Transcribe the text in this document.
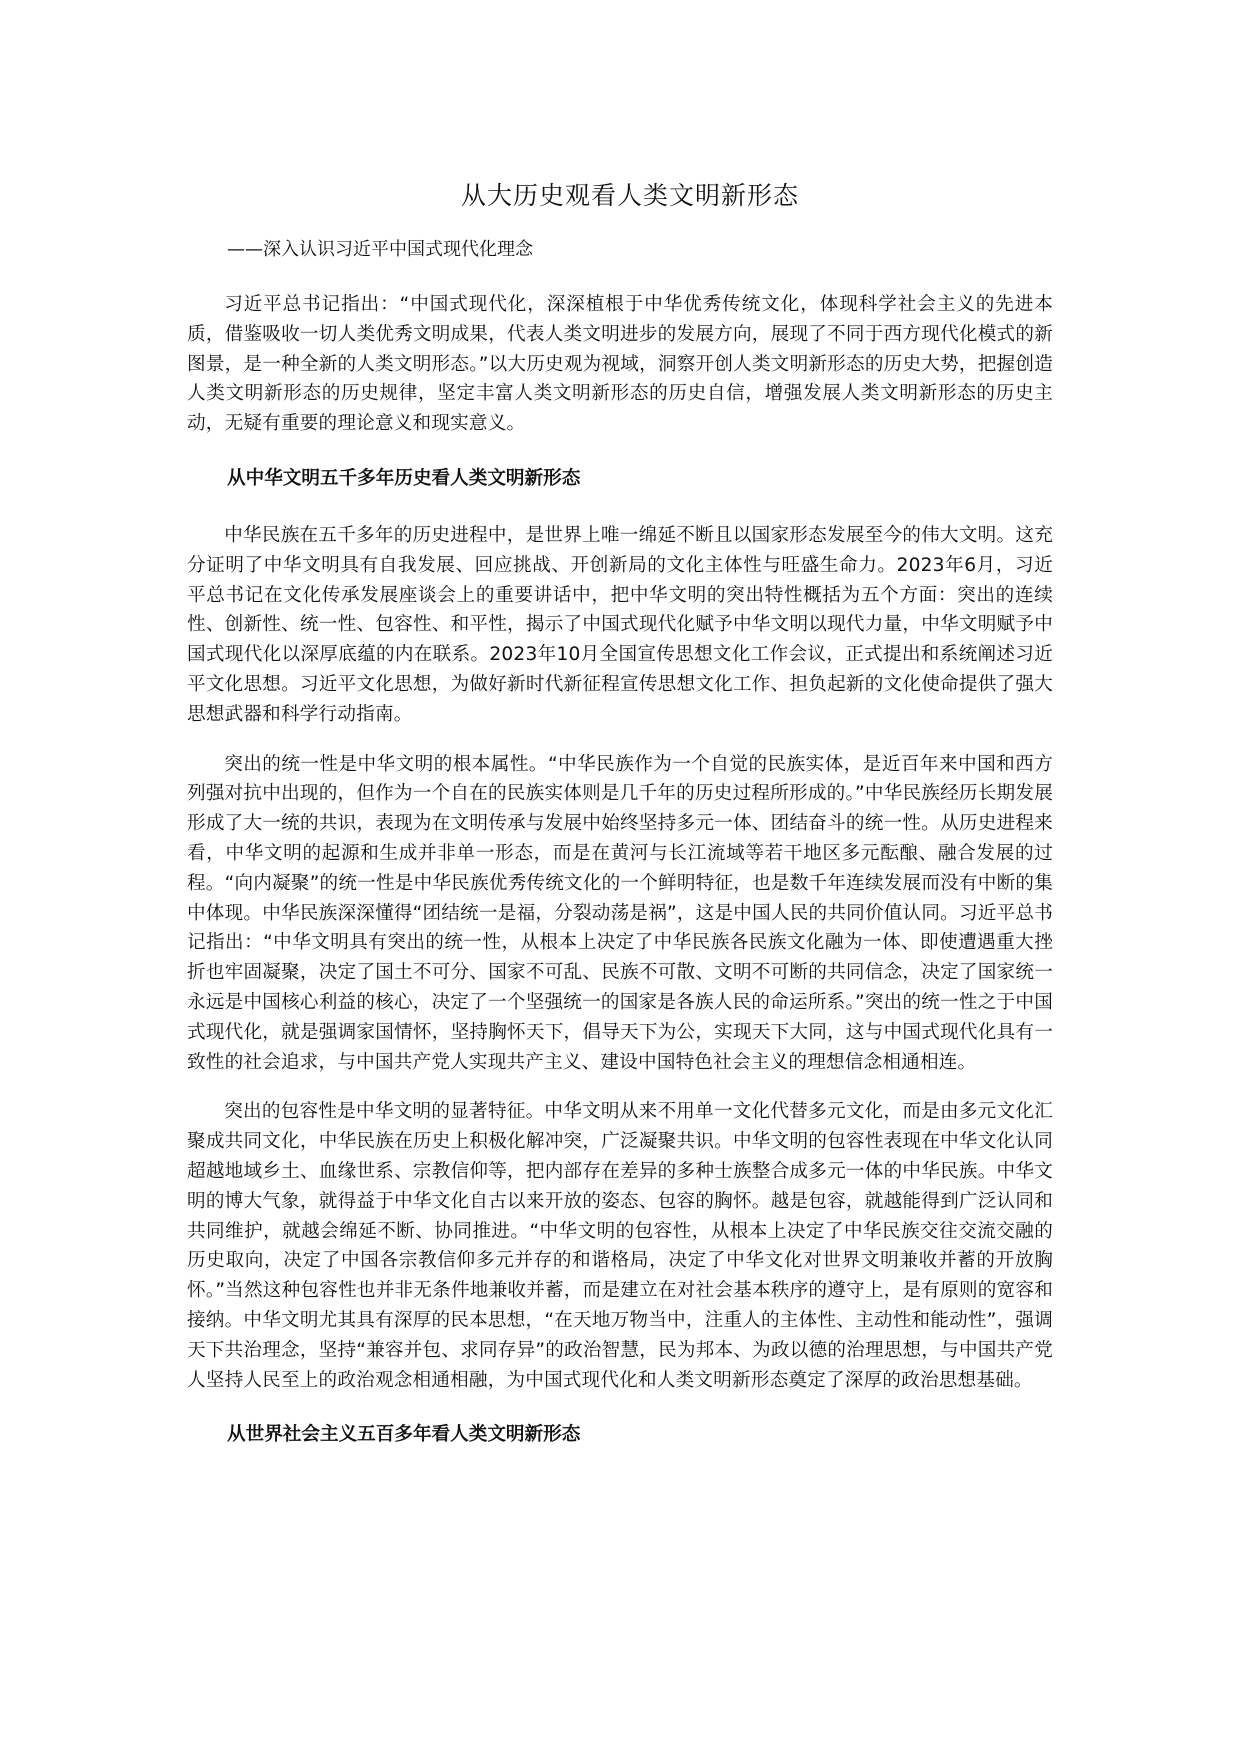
从大历史观看人类文明新形态
——深入认识习近平中国式现代化理念

习近平总书记指出：“中国式现代化，深深植根于中华优秀传统文化，体现科学社会主义的先进本质，借鉴吸收一切人类优秀文明成果，代表人类文明进步的发展方向，展现了不同于西方现代化模式的新图景，是一种全新的人类文明形态。”以大历史观为视域，洞察开创人类文明新形态的历史大势，把握创造人类文明新形态的历史规律，坚定丰富人类文明新形态的历史自信，增强发展人类文明新形态的历史主动，无疑有重要的理论意义和现实意义。

从中华文明五千多年历史看人类文明新形态

中华民族在五千多年的历史进程中，是世界上唯一绵延不断且以国家形态发展至今的伟大文明。这充分证明了中华文明具有自我发展、回应挑战、开创新局的文化主体性与旺盛生命力。2023年6月，习近平总书记在文化传承发展座谈会上的重要讲话中，把中华文明的突出特性概括为五个方面：突出的连续性、创新性、统一性、包容性、和平性，揭示了中国式现代化赋予中华文明以现代力量，中华文明赋予中国式现代化以深厚底蕴的内在联系。2023年10月全国宣传思想文化工作会议，正式提出和系统阐述习近平文化思想。习近平文化思想，为做好新时代新征程宣传思想文化工作、担负起新的文化使命提供了强大思想武器和科学行动指南。

突出的统一性是中华文明的根本属性。“中华民族作为一个自觉的民族实体，是近百年来中国和西方列强对抗中出现的，但作为一个自在的民族实体则是几千年的历史过程所形成的。”中华民族经历长期发展形成了大一统的共识，表现为在文明传承与发展中始终坚持多元一体、团结奋斗的统一性。从历史进程来看，中华文明的起源和生成并非单一形态，而是在黄河与长江流域等若干地区多元酝酿、融合发展的过程。“向内凝聚”的统一性是中华民族优秀传统文化的一个鲜明特征，也是数千年连续发展而没有中断的集中体现。中华民族深深懂得“团结统一是福，分裂动荡是祸”，这是中国人民的共同价值认同。习近平总书记指出：“中华文明具有突出的统一性，从根本上决定了中华民族各民族文化融为一体、即使遭遇重大挫折也牢固凝聚，决定了国土不可分、国家不可乱、民族不可散、文明不可断的共同信念，决定了国家统一永远是中国核心利益的核心，决定了一个坚强统一的国家是各族人民的命运所系。”突出的统一性之于中国式现代化，就是强调家国情怀，坚持胸怀天下，倡导天下为公，实现天下大同，这与中国式现代化具有一致性的社会追求，与中国共产党人实现共产主义、建设中国特色社会主义的理想信念相通相连。

突出的包容性是中华文明的显著特征。中华文明从来不用单一文化代替多元文化，而是由多元文化汇聚成共同文化，中华民族在历史上积极化解冲突，广泛凝聚共识。中华文明的包容性表现在中华文化认同超越地域乡土、血缘世系、宗教信仰等，把内部存在差异的多种士族整合成多元一体的中华民族。中华文明的博大气象，就得益于中华文化自古以来开放的姿态、包容的胸怀。越是包容，就越能得到广泛认同和共同维护，就越会绵延不断、协同推进。“中华文明的包容性，从根本上决定了中华民族交往交流交融的历史取向，决定了中国各宗教信仰多元并存的和谐格局，决定了中华文化对世界文明兼收并蓄的开放胸怀。”当然这种包容性也并非无条件地兼收并蓄，而是建立在对社会基本秩序的遵守上，是有原则的宽容和接纳。中华文明尤其具有深厚的民本思想，“在天地万物当中，注重人的主体性、主动性和能动性”，强调天下共治理念，坚持“兼容并包、求同存异”的政治智慧，民为邦本、为政以德的治理思想，与中国共产党人坚持人民至上的政治观念相通相融，为中国式现代化和人类文明新形态奠定了深厚的政治思想基础。

从世界社会主义五百多年看人类文明新形态
